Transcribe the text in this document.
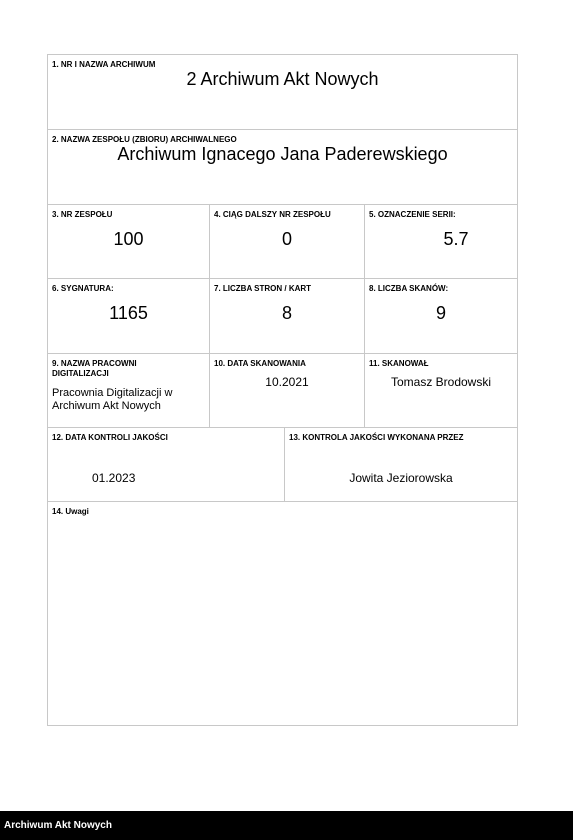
1. NR I NAZWA ARCHIWUM
2 Archiwum Akt Nowych
2. NAZWA ZESPOŁU (ZBIORU) ARCHIWALNEGO
Archiwum Ignacego Jana Paderewskiego
3. NR ZESPOŁU
100
4. CIĄG DALSZY NR ZESPOŁU
0
5. OZNACZENIE SERII:
5.7
6. SYGNATURA:
1165
7. LICZBA STRON / KART
8
8. LICZBA SKANÓW:
9
9. NAZWA PRACOWNI
DIGITALIZACJI
Pracownia Digitalizacji w
Archiwum Akt Nowych
10. DATA SKANOWANIA
10.2021
11. SKANOWAŁ
Tomasz Brodowski
12. DATA KONTROLI JAKOŚCI
01.2023
13. KONTROLA JAKOŚCI WYKONANA PRZEZ
Jowita Jeziorowska
14. Uwagi
Archiwum Akt Nowych
